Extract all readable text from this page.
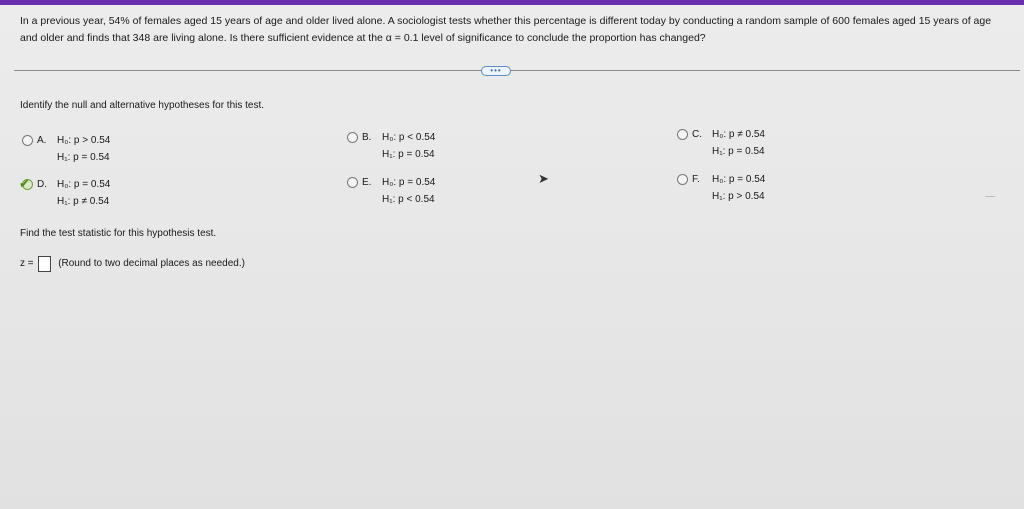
In a previous year, 54% of females aged 15 years of age and older lived alone. A sociologist tests whether this percentage is different today by conducting a random sample of 600 females aged 15 years of age and older and finds that 348 are living alone. Is there sufficient evidence at the α = 0.1 level of significance to conclude the proportion has changed?
•••
Identify the null and alternative hypotheses for this test.
A. H₀: p > 0.54
H₁: p = 0.54
B. H₀: p < 0.54
H₁: p = 0.54
C. H₀: p ≠ 0.54
H₁: p = 0.54
✔ D. H₀: p = 0.54
H₁: p ≠ 0.54
E. H₀: p = 0.54
H₁: p < 0.54
F. H₀: p = 0.54
H₁: p > 0.54
Find the test statistic for this hypothesis test.
z = (Round to two decimal places as needed.)
➤
